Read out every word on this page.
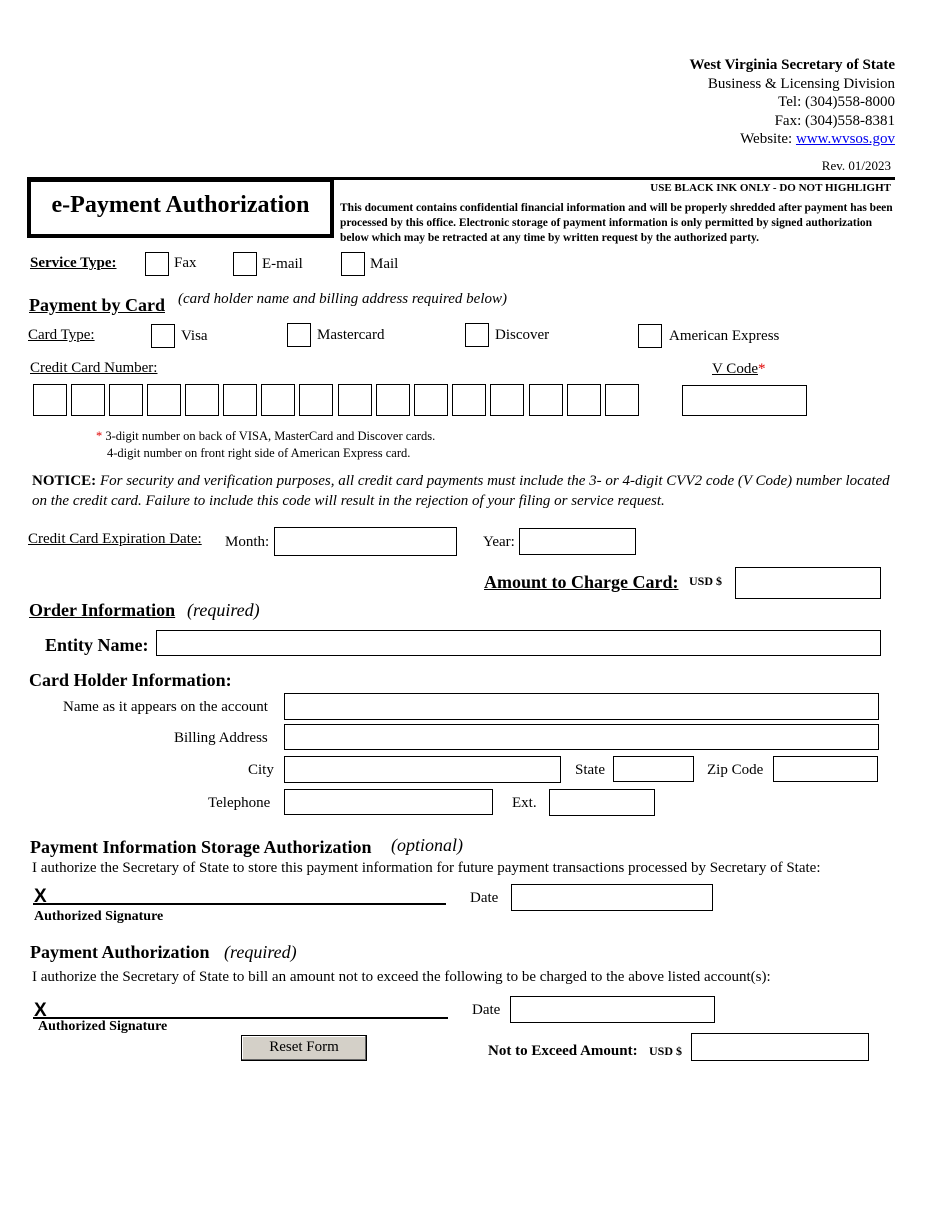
West Virginia Secretary of State
Business & Licensing Division
Tel: (304)558-8000
Fax: (304)558-8381
Website: www.wvsos.gov
Rev. 01/2023
e-Payment Authorization
USE BLACK INK ONLY - DO NOT HIGHLIGHT
This document contains confidential financial information and will be properly shredded after payment has been processed by this office. Electronic storage of payment information is only permitted by signed authorization below which may be retracted at any time by written request by the authorized party.
Service Type:	Fax	E-mail	Mail
Payment by Card (card holder name and billing address required below)
Card Type:	Visa	Mastercard	Discover	American Express
Credit Card Number:	V Code*
* 3-digit number on back of VISA, MasterCard and Discover cards.
4-digit number on front right side of American Express card.
NOTICE: For security and verification purposes, all credit card payments must include the 3- or 4-digit CVV2 code (V Code) number located on the credit card. Failure to include this code will result in the rejection of your filing or service request.
Credit Card Expiration Date: Month:	Year:
Amount to Charge Card: USD $
Order Information (required)
Entity Name:
Card Holder Information:
Name as it appears on the account
Billing Address
City	State	Zip Code
Telephone	Ext.
Payment Information Storage Authorization (optional)
I authorize the Secretary of State to store this payment information for future payment transactions processed by Secretary of State:
X
Authorized Signature
Date
Payment Authorization (required)
I authorize the Secretary of State to bill an amount not to exceed the following to be charged to the above listed account(s):
X
Authorized Signature
Date
Reset Form	Not to Exceed Amount: USD $
